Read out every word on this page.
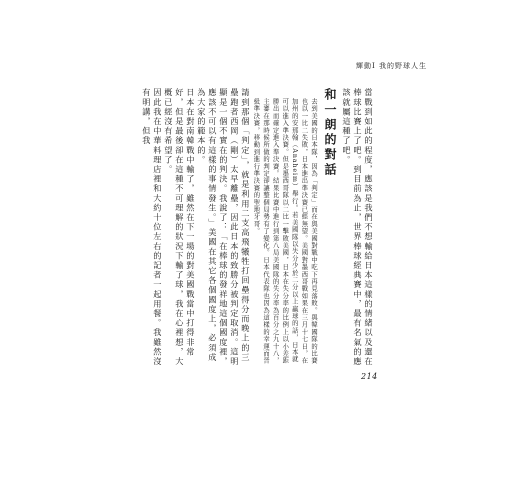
輝動Ⅰ 我的野球人生

當戰到如此的程度，應該是我們不想輸給日本這樣的情緒以及還在棒球比賽上了吧。到目前為止，世界棒球經典賽中，最有名氣的應該就屬這種了吧。

和一朗的對話

去到美國的日本隊，因為「判定」而在與美國對戰中吃下再見落敗。與韓國隊的比賽也以一比二失敗，日本進出準決賽已經無望。美國對墨西哥戰如果在三月十七日，在加州的安那翰（Anaheim）舉行。若美國隊以失分少於二分以上贏球的話，日本就可以進入準決賽。但是墨西哥隊以二比一擊敗美國，日本在失分率的比例上以小差距勝出而確定進入準決賽。結果比賽中進行到第八局美國隊的失分率為百分之九十八，主審在那時候所做的判定卻讓整個局勢有了變化。日本代表隊也因為這樣的幸運而晉級準決賽，移動到進行準決賽的聖地牙哥。

請到那個「判定」，就是利用二支高飛犧牲打回壘得分而晚上的三壘跑者西岡（剛）太早離壘，因此日本的致勝分被判定取消。這明顯是一個不實在的判決。我說了：「在棒球的發祥地這個國度裡，應該不可以有這樣的事情發生。」美國在其它各個國度上，必須成為大家的範本的。

日本在對南韓戰中輸了，雖然在下一場的對美國戰當中打得非常好，但是最後卻在這種不可理解的狀況下輸了球，我在心裡想，大概已經沒有希望了。

因此我在中華料理店裡和大約十位左右的記者一起用餐。我雖然沒有明講，但我

214
